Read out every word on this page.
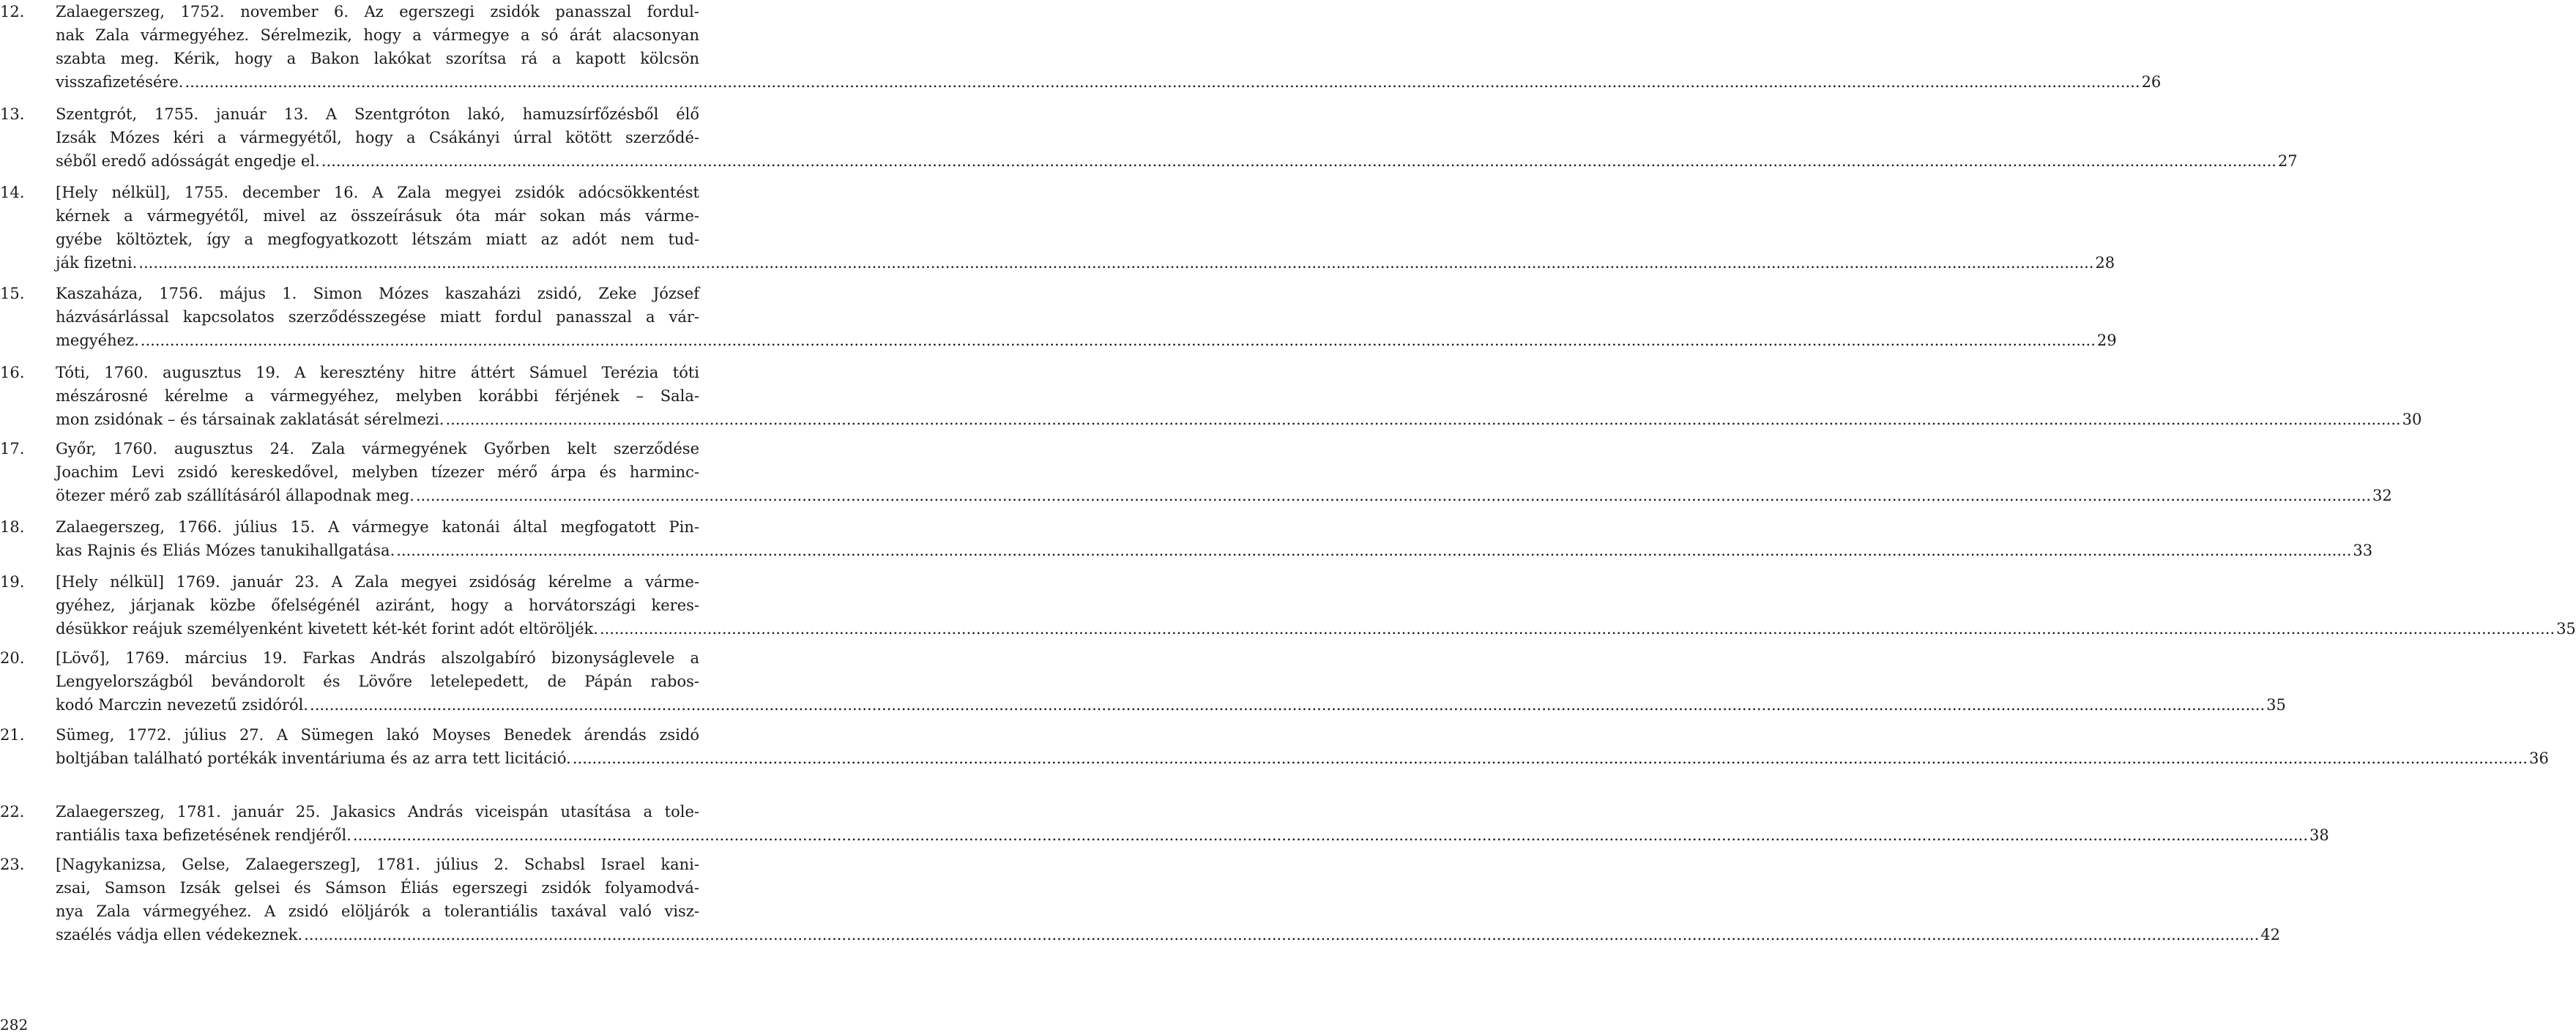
12. Zalaegerszeg, 1752. november 6. Az egerszegi zsidók panasszal fordul-
nak Zala vármegyéhez. Sérelmezik, hogy a vármegye a só árát alacsonyan
szabta meg. Kérik, hogy a Bakon lakókat szorítsa rá a kapott kölcsön
visszafizetésére. ................................................................................................................................................................................................................................................................................................................................................................................................................ 26
13. Szentgrót, 1755. január 13. A Szentgróton lakó, hamuzsírfőzésből élő
Izsák Mózes kéri a vármegyétől, hogy a Csákányi úrral kötött szerződé-
séből eredő adósságát engedje el. ................................................................................................................................................................................................................................................................................................................................................................................................................ 27
14. [Hely nélkül], 1755. december 16. A Zala megyei zsidók adócsökkentést
kérnek a vármegyétől, mivel az összeírásuk óta már sokan más várme-
gyébe költöztek, így a megfogyatkozott létszám miatt az adót nem tud-
ják fizetni. ................................................................................................................................................................................................................................................................................................................................................................................................................ 28
15. Kaszaháza, 1756. május 1. Simon Mózes kaszaházi zsidó, Zeke József
házvásárlással kapcsolatos szerződésszegése miatt fordul panasszal a vár-
megyéhez. ................................................................................................................................................................................................................................................................................................................................................................................................................ 29
16. Tóti, 1760. augusztus 19. A keresztény hitre áttért Sámuel Terézia tóti
mészárosné kérelme a vármegyéhez, melyben korábbi férjének – Sala-
mon zsidónak – és társainak zaklatását sérelmezi. ................................................................................................................................................................................................................................................................................................................................................................................................................ 30
17. Győr, 1760. augusztus 24. Zala vármegyének Győrben kelt szerződése
Joachim Levi zsidó kereskedővel, melyben tízezer mérő árpa és harminc-
ötezer mérő zab szállításáról állapodnak meg. ................................................................................................................................................................................................................................................................................................................................................................................................................ 32
18. Zalaegerszeg, 1766. július 15. A vármegye katonái által megfogatott Pin-
kas Rajnis és Eliás Mózes tanukihallgatása. ................................................................................................................................................................................................................................................................................................................................................................................................................ 33
19. [Hely nélkül] 1769. január 23. A Zala megyei zsidóság kérelme a várme-
gyéhez, járjanak közbe őfelségénél aziránt, hogy a horvátországi keres-
désükkor reájuk személyenként kivetett két-két forint adót eltöröljék. ................................................................................................................................................................................................................................................................................................................................................................................................................ 35
20. [Lövő], 1769. március 19. Farkas András alszolgabíró bizonyságlevele a
Lengyelországból bevándorolt és Lövőre letelepedett, de Pápán rabos-
kodó Marczin nevezetű zsidóról. ................................................................................................................................................................................................................................................................................................................................................................................................................ 35
21. Sümeg, 1772. július 27. A Sümegen lakó Moyses Benedek árendás zsidó
boltjában található portékák inventáriuma és az arra tett licitáció. ................................................................................................................................................................................................................................................................................................................................................................................................................ 36
22. Zalaegerszeg, 1781. január 25. Jakasics András viceispán utasítása a tole-
rantiális taxa befizetésének rendjéről. ................................................................................................................................................................................................................................................................................................................................................................................................................ 38
23. [Nagykanizsa, Gelse, Zalaegerszeg], 1781. július 2. Schabsl Israel kani-
zsai, Samson Izsák gelsei és Sámson Éliás egerszegi zsidók folyamodvá-
nya Zala vármegyéhez. A zsidó elöljárók a tolerantiális taxával való visz-
szaélés vádja ellen védekeznek. ................................................................................................................................................................................................................................................................................................................................................................................................................ 42
282
